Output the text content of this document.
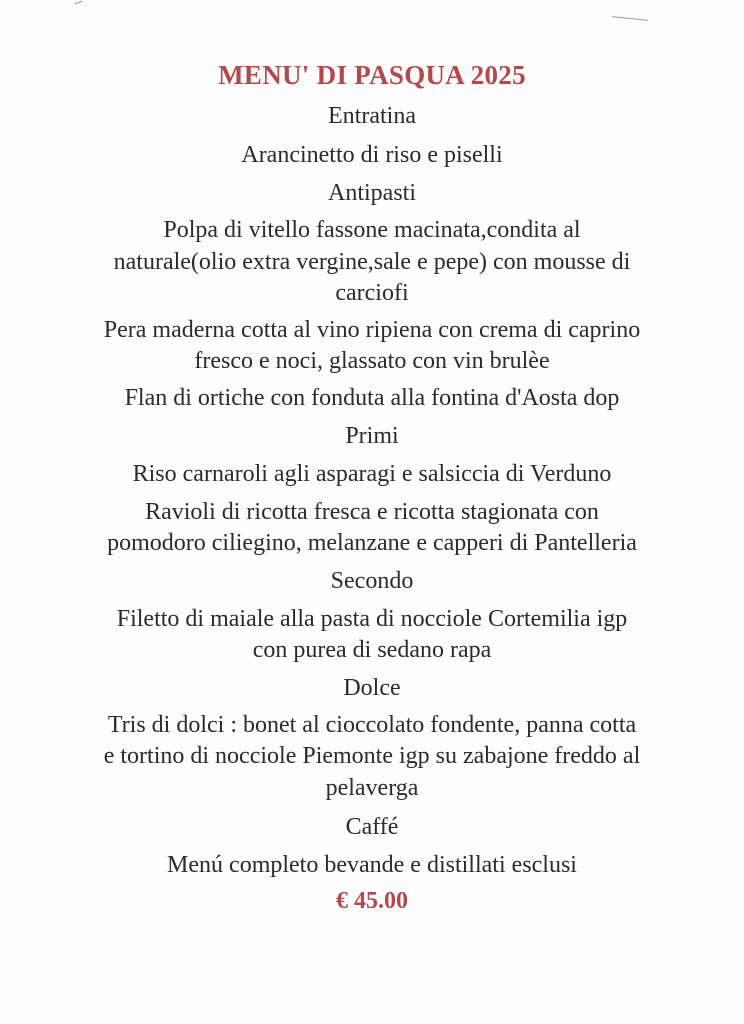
MENU' DI PASQUA 2025
Entratina
Arancinetto di riso e piselli
Antipasti
Polpa di vitello fassone macinata,condita al
naturale(olio extra vergine,sale e pepe) con mousse di
carciofi
Pera maderna cotta al vino ripiena con crema di caprino
fresco e noci, glassato con vin brulèe
Flan di ortiche con fonduta alla fontina d'Aosta dop
Primi
Riso carnaroli agli asparagi e salsiccia di Verduno
Ravioli di ricotta fresca e ricotta stagionata con
pomodoro ciliegino, melanzane e capperi di Pantelleria
Secondo
Filetto di maiale alla pasta di nocciole Cortemilia igp
con purea di sedano rapa
Dolce
Tris di dolci : bonet al cioccolato fondente, panna cotta
e tortino di nocciole Piemonte igp su zabajone freddo al
pelaverga
Caffé
Menú completo bevande e distillati esclusi
€ 45.00
